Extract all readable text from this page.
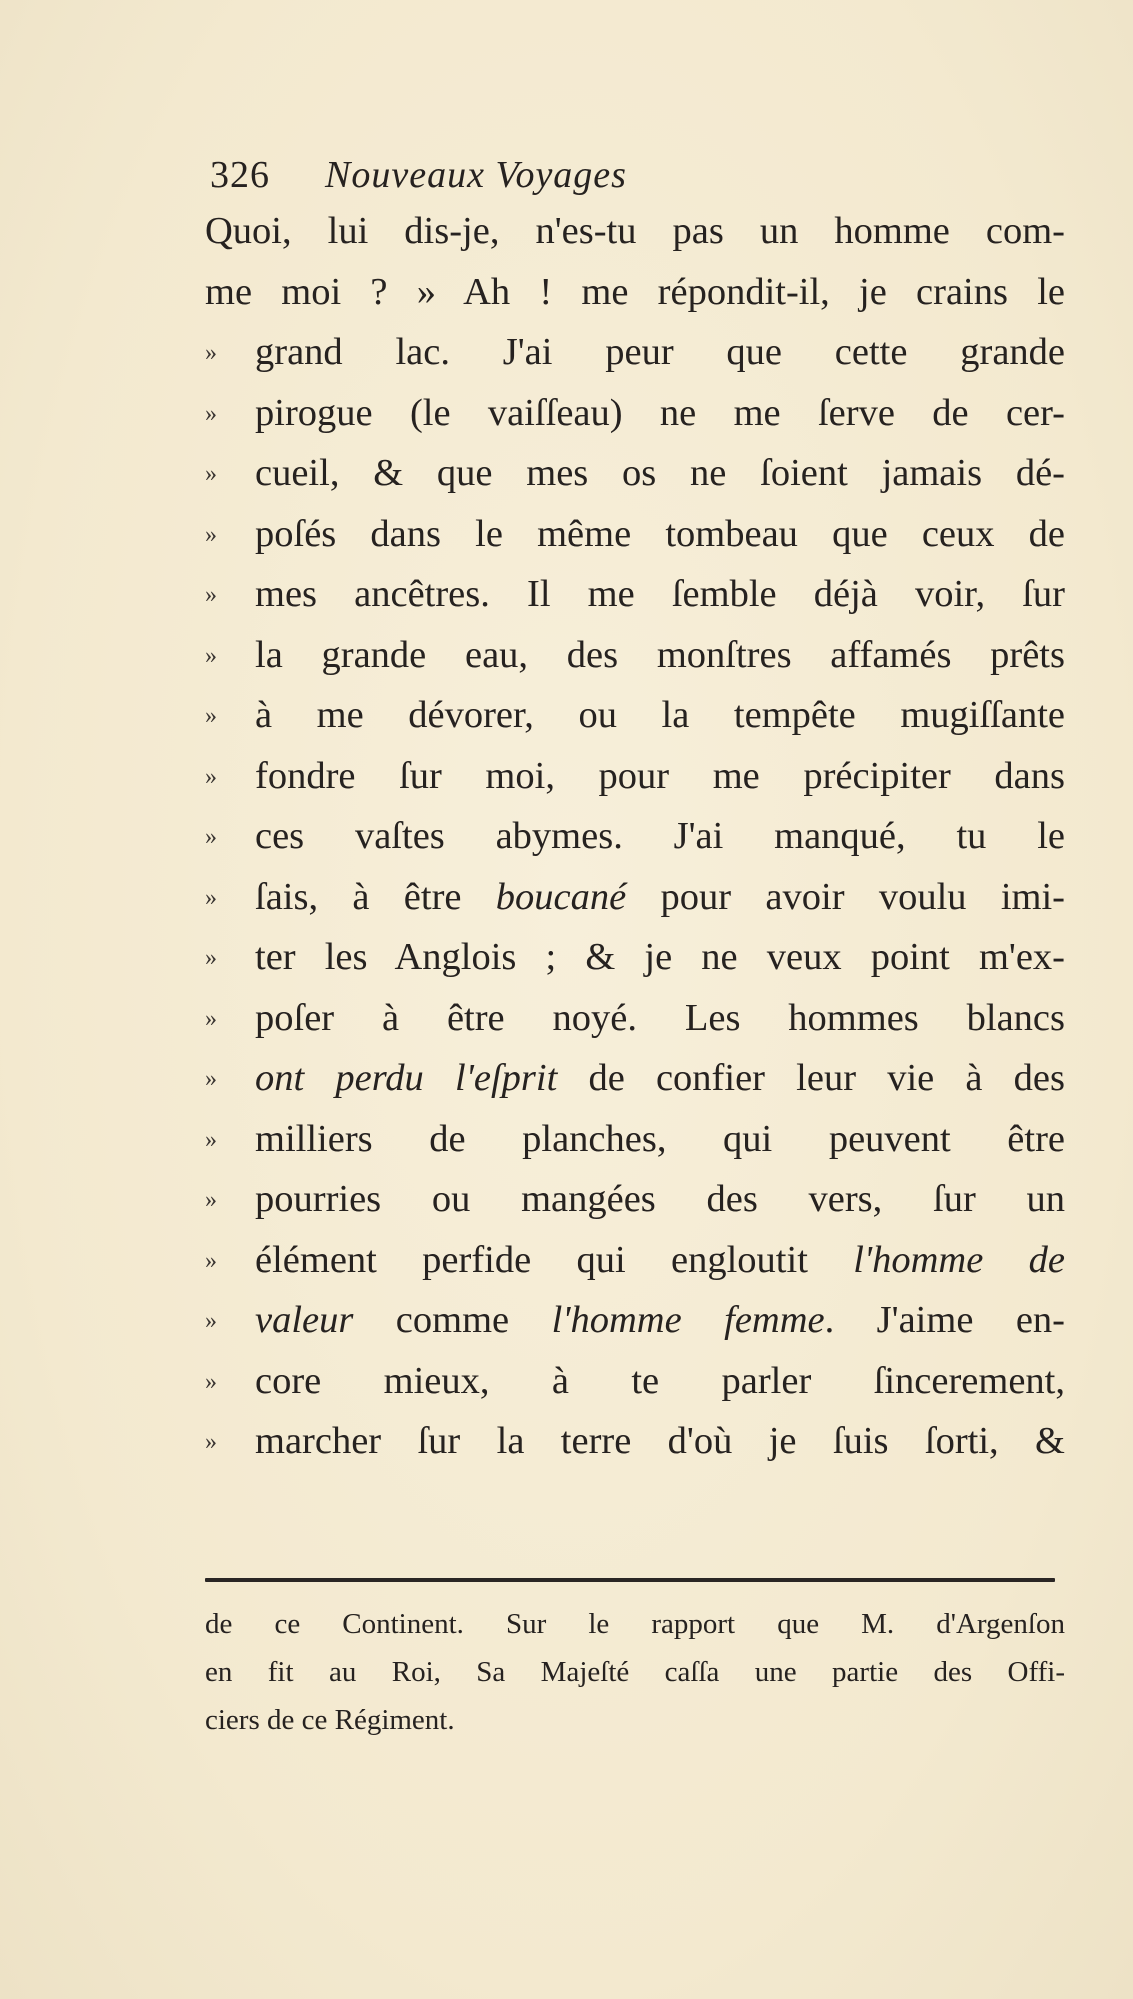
326 Nouveaux Voyages
Quoi, lui dis-je, n'es-tu pas un homme com-
me moi ? » Ah ! me répondit-il, je crains le
» grand lac. J'ai peur que cette grande
» pirogue (le vaiſſeau) ne me ſerve de cer-
» cueil, & que mes os ne ſoient jamais dé-
» poſés dans le même tombeau que ceux de
» mes ancêtres. Il me ſemble déjà voir, ſur
» la grande eau, des monſtres affamés prêts
» à me dévorer, ou la tempête mugiſſante
» fondre ſur moi, pour me précipiter dans
» ces vaſtes abymes. J'ai manqué, tu le
» ſais, à être boucané pour avoir voulu imi-
» ter les Anglois ; & je ne veux point m'ex-
» poſer à être noyé. Les hommes blancs
» ont perdu l'eſprit de confier leur vie à des
» milliers de planches, qui peuvent être
» pourries ou mangées des vers, ſur un
» élément perfide qui engloutit l'homme de
» valeur comme l'homme femme. J'aime en-
» core mieux, à te parler ſincerement,
» marcher ſur la terre d'où je ſuis ſorti, &
de ce Continent. Sur le rapport que M. d'Argenſon
en fit au Roi, Sa Majeſté caſſa une partie des Offi-
ciers de ce Régiment.
